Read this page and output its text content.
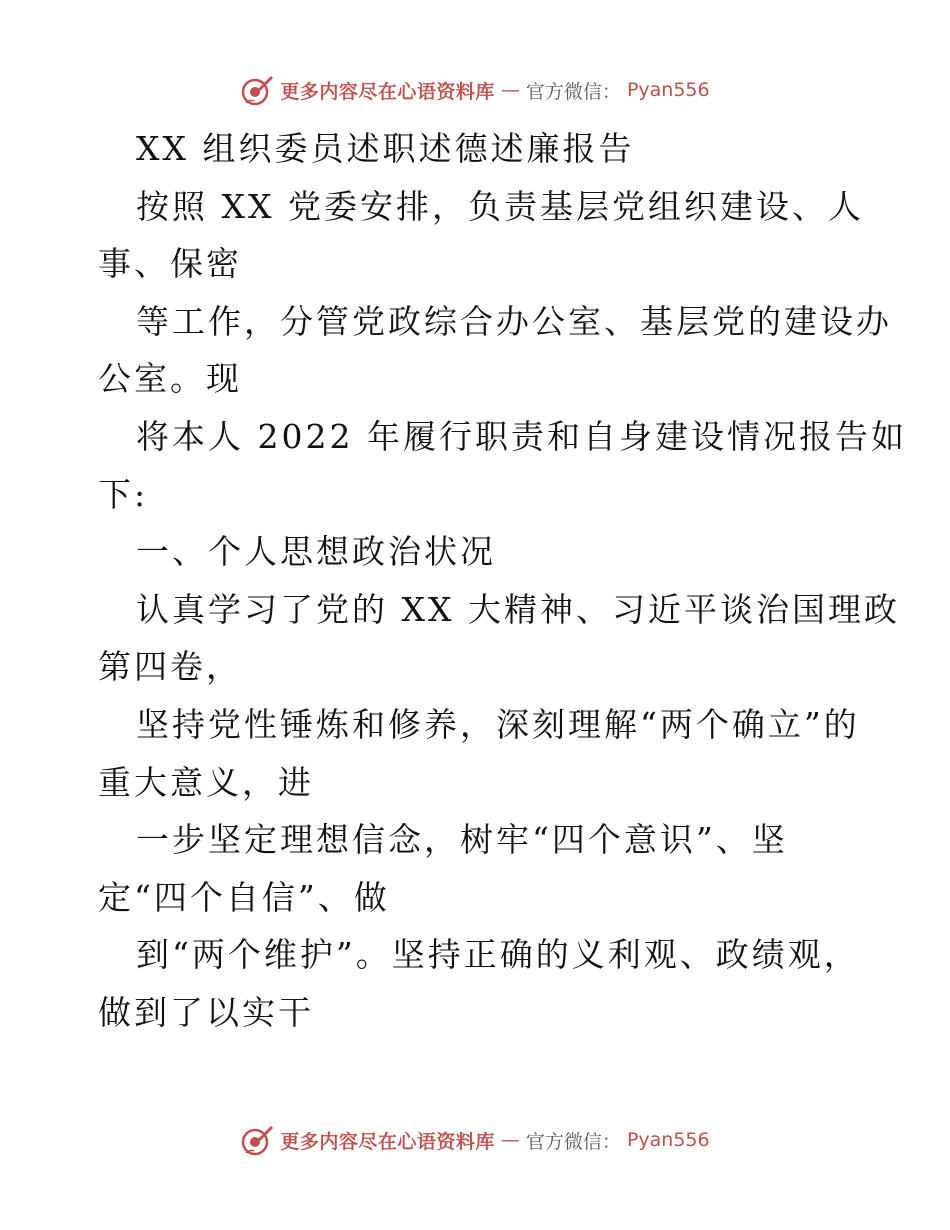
更多内容尽在心语资料库 — 官方微信： Pyan556
XX 组织委员述职述德述廉报告
按照 XX 党委安排，负责基层党组织建设、人
事、保密
等工作，分管党政综合办公室、基层党的建设办
公室。现
将本人 2022 年履行职责和自身建设情况报告如
下:
一、个人思想政治状况
认真学习了党的 XX 大精神、习近平谈治国理政
第四卷，
坚持党性锤炼和修养，深刻理解“两个确立”的
重大意义，进
一步坚定理想信念，树牢“四个意识”、坚
定“四个自信”、做
到“两个维护”。坚持正确的义利观、政绩观，
做到了以实干
更多内容尽在心语资料库 — 官方微信： Pyan556
